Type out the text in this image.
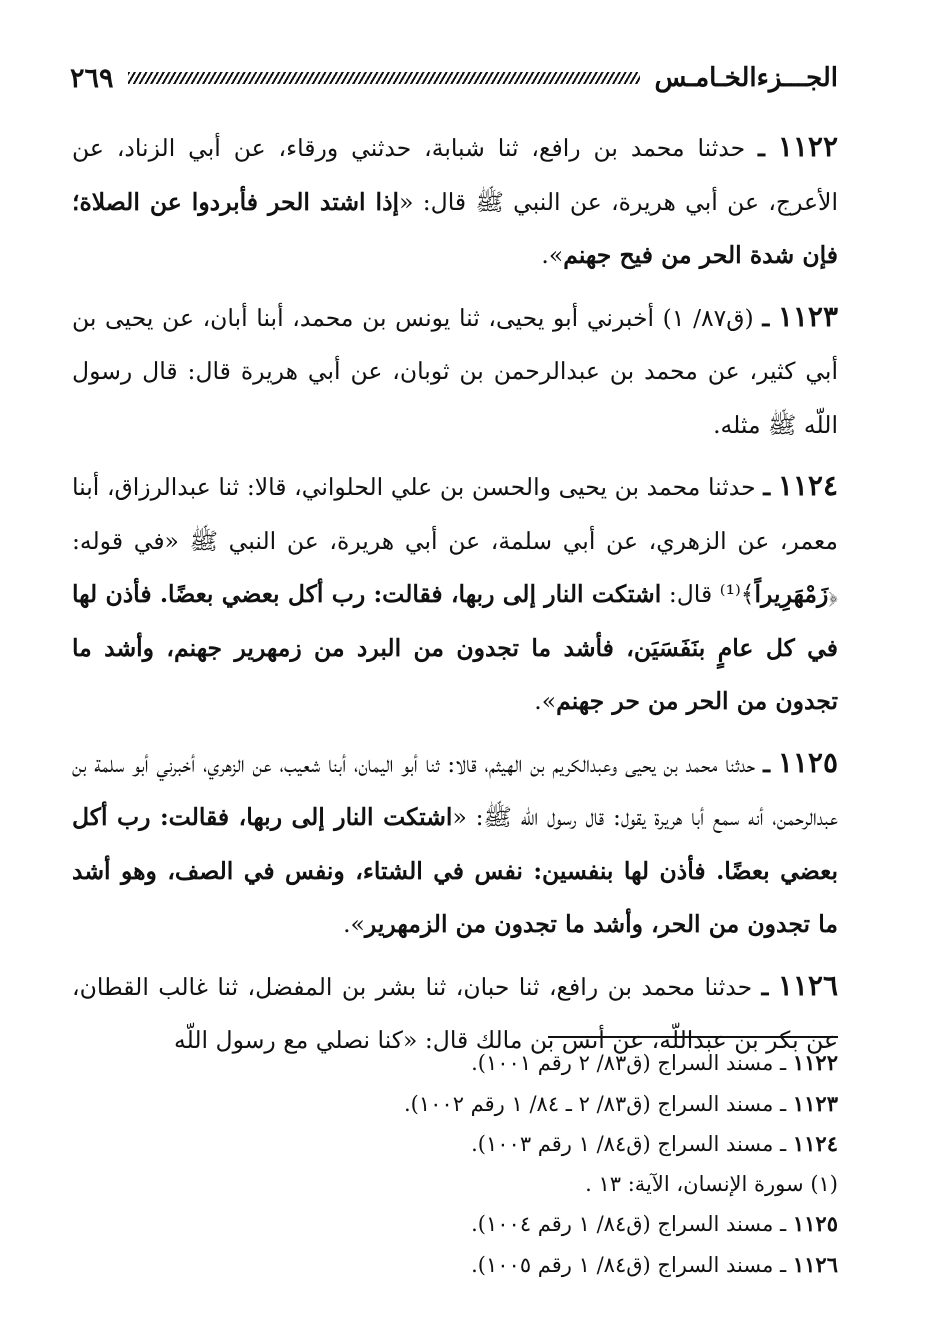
الجـــزءالخـامـس
٢٦٩

١١٢٢ ـ حدثنا محمد بن رافع، ثنا شبابة، حدثني ورقاء، عن أبي الزناد، عن الأعرج، عن أبي هريرة، عن النبي ﷺ قال: «إذا اشتد الحر فأبردوا عن الصلاة؛ فإن شدة الحر من فيح جهنم».

١١٢٣ ـ (ق٨٧/ ١) أخبرني أبو يحيى، ثنا يونس بن محمد، أبنا أبان، عن يحيى بن أبي كثير، عن محمد بن عبدالرحمن بن ثوبان، عن أبي هريرة قال: قال رسول اللّه ﷺ مثله.

١١٢٤ ـ حدثنا محمد بن يحيى والحسن بن علي الحلواني، قالا: ثنا عبدالرزاق، أبنا معمر، عن الزهري، عن أبي سلمة، عن أبي هريرة، عن النبي ﷺ «في قوله: ﴿زَمْهَرِيراً﴾⁽¹⁾ قال: اشتكت النار إلى ربها، فقالت: رب أكل بعضي بعضًا. فأذن لها في كل عامٍ بنَفَسَيَن، فأشد ما تجدون من البرد من زمهرير جهنم، وأشد ما تجدون من الحر من حر جهنم».

١١٢٥ ـ حدثنا محمد بن يحيى وعبدالكريم بن الهيثم، قالا: ثنا أبو اليمان، أبنا شعيب، عن الزهري، أخبرني أبو سلمة بن عبدالرحمن، أنه سمع أبا هريرة يقول: قال رسول اللّه ﷺ: «اشتكت النار إلى ربها، فقالت: رب أكل بعضي بعضًا. فأذن لها بنفسين: نفس في الشتاء، ونفس في الصف، وهو أشد ما تجدون من الحر، وأشد ما تجدون من الزمهرير».

١١٢٦ ـ حدثنا محمد بن رافع، ثنا حبان، ثنا بشر بن المفضل، ثنا غالب القطان، عن بكر بن عبداللّه، عن أنس بن مالك قال: «كنا نصلي مع رسول اللّه

١١٢٢ ـ مسند السراج (ق٨٣/ ٢ رقم ١٠٠١).
١١٢٣ ـ مسند السراج (ق٨٣/ ٢ ـ ٨٤/ ١ رقم ١٠٠٢).
١١٢٤ ـ مسند السراج (ق٨٤/ ١ رقم ١٠٠٣).
(١) سورة الإنسان، الآية: ١٣ .
١١٢٥ ـ مسند السراج (ق٨٤/ ١ رقم ١٠٠٤).
١١٢٦ ـ مسند السراج (ق٨٤/ ١ رقم ١٠٠٥).
